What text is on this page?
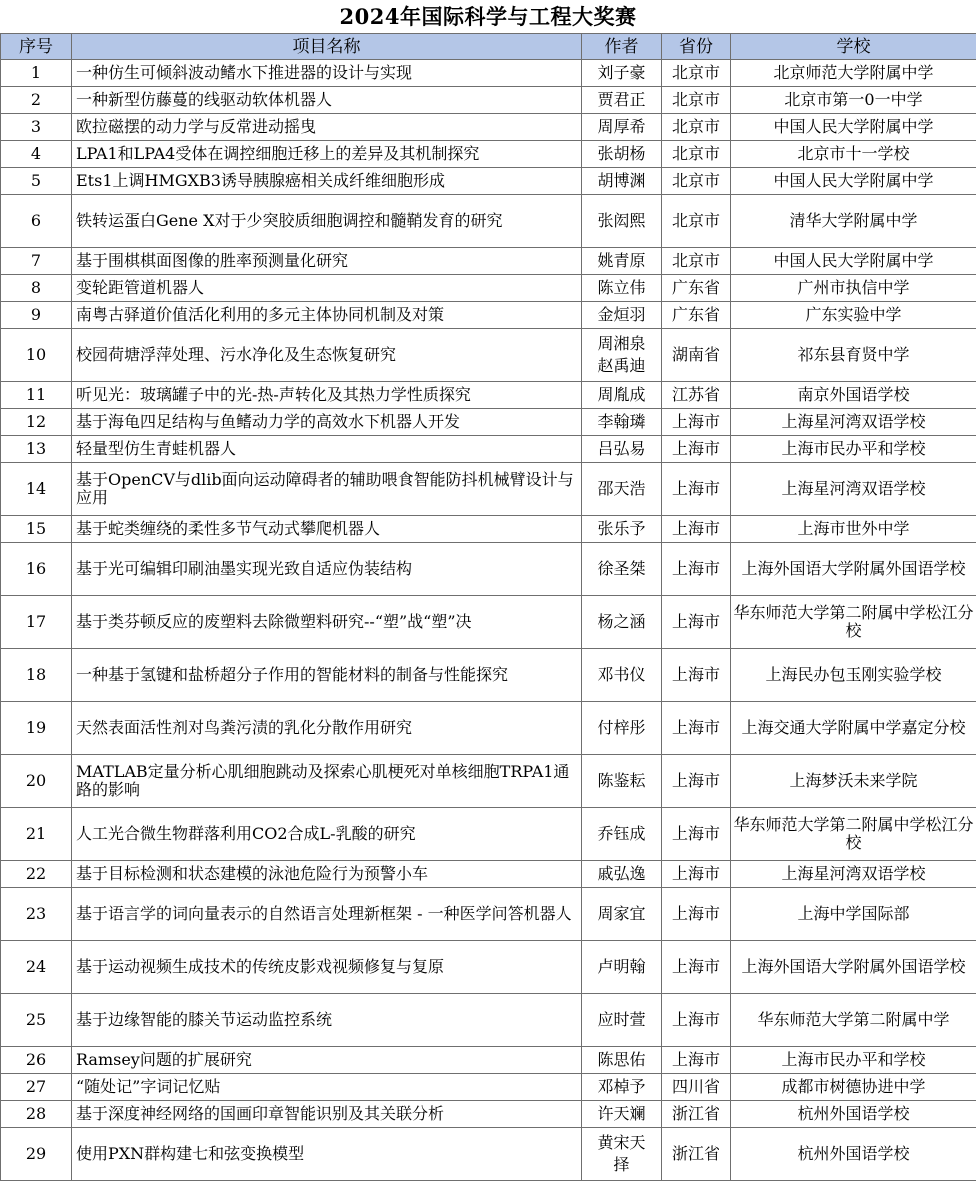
2024年国际科学与工程大奖赛
序号	项目名称	作者	省份	学校
1	一种仿生可倾斜波动鳍水下推进器的设计与实现	刘子豪	北京市	北京师范大学附属中学
2	一种新型仿藤蔓的线驱动软体机器人	贾君正	北京市	北京市第一0一中学
3	欧拉磁摆的动力学与反常进动摇曳	周厚希	北京市	中国人民大学附属中学
4	LPA1和LPA4受体在调控细胞迁移上的差异及其机制探究	张胡杨	北京市	北京市十一学校
5	Ets1上调HMGXB3诱导胰腺癌相关成纤维细胞形成	胡博渊	北京市	中国人民大学附属中学
6	铁转运蛋白Gene X对于少突胶质细胞调控和髓鞘发育的研究	张闳熙	北京市	清华大学附属中学
7	基于围棋棋面图像的胜率预测量化研究	姚青原	北京市	中国人民大学附属中学
8	变轮距管道机器人	陈立伟	广东省	广州市执信中学
9	南粤古驿道价值活化利用的多元主体协同机制及对策	金烜羽	广东省	广东实验中学
10	校园荷塘浮萍处理、污水净化及生态恢复研究	周湘泉 赵禹迪	湖南省	祁东县育贤中学
11	听见光：玻璃罐子中的光-热-声转化及其热力学性质探究	周胤成	江苏省	南京外国语学校
12	基于海龟四足结构与鱼鳍动力学的高效水下机器人开发	李翰璘	上海市	上海星河湾双语学校
13	轻量型仿生青蛙机器人	吕弘易	上海市	上海市民办平和学校
14	基于OpenCV与dlib面向运动障碍者的辅助喂食智能防抖机械臂设计与应用	邵天浩	上海市	上海星河湾双语学校
15	基于蛇类缠绕的柔性多节气动式攀爬机器人	张乐予	上海市	上海市世外中学
16	基于光可编辑印刷油墨实现光致自适应伪装结构	徐圣桀	上海市	上海外国语大学附属外国语学校
17	基于类芬顿反应的废塑料去除微塑料研究--“塑”战“塑”决	杨之涵	上海市	华东师范大学第二附属中学松江分校
18	一种基于氢键和盐桥超分子作用的智能材料的制备与性能探究	邓书仪	上海市	上海民办包玉刚实验学校
19	天然表面活性剂对鸟粪污渍的乳化分散作用研究	付梓彤	上海市	上海交通大学附属中学嘉定分校
20	MATLAB定量分析心肌细胞跳动及探索心肌梗死对单核细胞TRPA1通路的影响	陈鉴耘	上海市	上海梦沃未来学院
21	人工光合微生物群落利用CO2合成L-乳酸的研究	乔钰成	上海市	华东师范大学第二附属中学松江分校
22	基于目标检测和状态建模的泳池危险行为预警小车	戚弘逸	上海市	上海星河湾双语学校
23	基于语言学的词向量表示的自然语言处理新框架 - 一种医学问答机器人	周家宜	上海市	上海中学国际部
24	基于运动视频生成技术的传统皮影戏视频修复与复原	卢明翰	上海市	上海外国语大学附属外国语学校
25	基于边缘智能的膝关节运动监控系统	应时萱	上海市	华东师范大学第二附属中学
26	Ramsey问题的扩展研究	陈思佑	上海市	上海市民办平和学校
27	“随处记”字词记忆贴	邓棹予	四川省	成都市树德协进中学
28	基于深度神经网络的国画印章智能识别及其关联分析	许天斓	浙江省	杭州外国语学校
29	使用PXN群构建七和弦变换模型	黄宋天择	浙江省	杭州外国语学校
